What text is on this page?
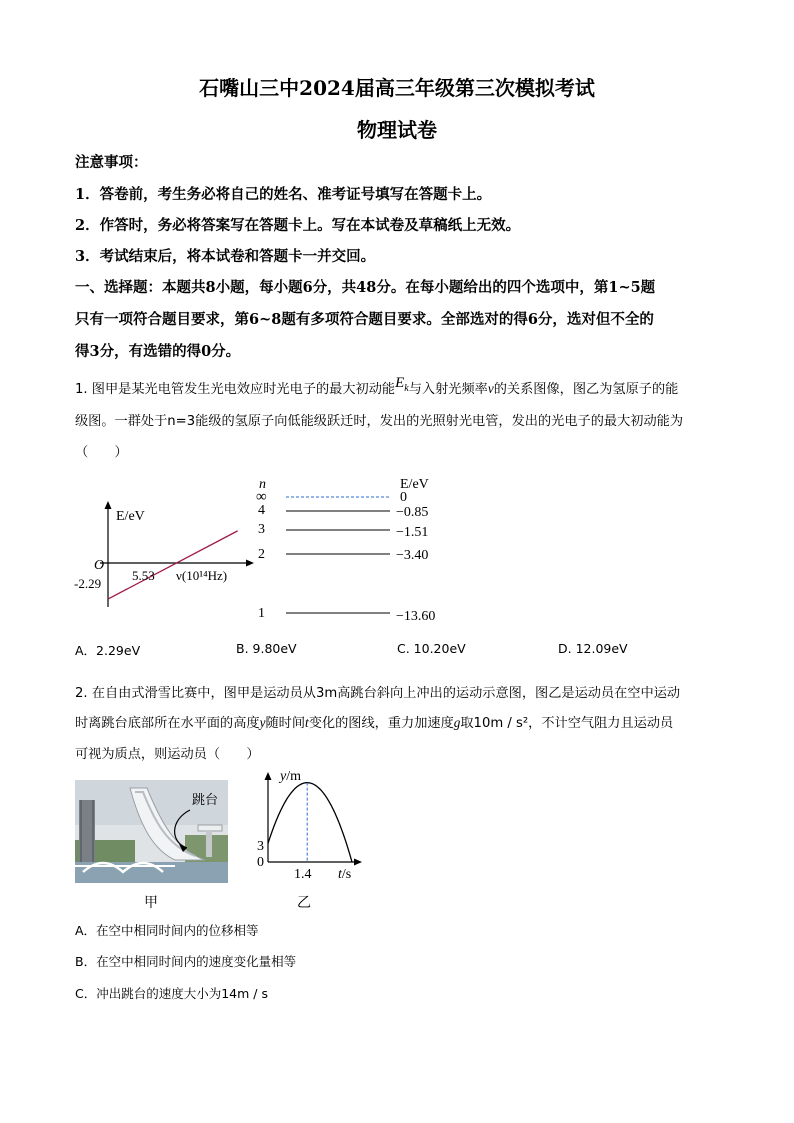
石嘴山三中2024届高三年级第三次模拟考试
物理试卷
注意事项：
1．答卷前，考生务必将自己的姓名、准考证号填写在答题卡上。
2．作答时，务必将答案写在答题卡上。写在本试卷及草稿纸上无效。
3．考试结束后，将本试卷和答题卡一并交回。
一、选择题：本题共8小题，每小题6分，共48分。在每小题给出的四个选项中，第1~5题
只有一项符合题目要求，第6~8题有多项符合题目要求。全部选对的得6分，选对但不全的
得3分，有选错的得0分。
1. 图甲是某光电管发生光电效应时光电子的最大初动能$E_k$与入射光频率ν的关系图像，图乙为氢原子的能
级图。一群处于n=3能级的氢原子向低能级跃迁时，发出的光照射光电管，发出的光电子的最大初动能为
（　　）
E/eV
O
-2.29
5.53 ν(10¹⁴Hz)
n	E/eV
∞	0
4	−0.85
3	−1.51
2	−3.40
1	−13.60
A．2.29eV	B. 9.80eV	C. 10.20eV	D. 12.09eV
2. 在自由式滑雪比赛中，图甲是运动员从3m高跳台斜向上冲出的运动示意图，图乙是运动员在空中运动
时离跳台底部所在水平面的高度y随时间t变化的图线，重力加速度g取10m / s²，不计空气阻力且运动员
可视为质点，则运动员（　　）
跳台
甲
y/m
3
0
1.4 t/s
乙
A．在空中相同时间内的位移相等
B．在空中相同时间内的速度变化量相等
C．冲出跳台的速度大小为14m / s
